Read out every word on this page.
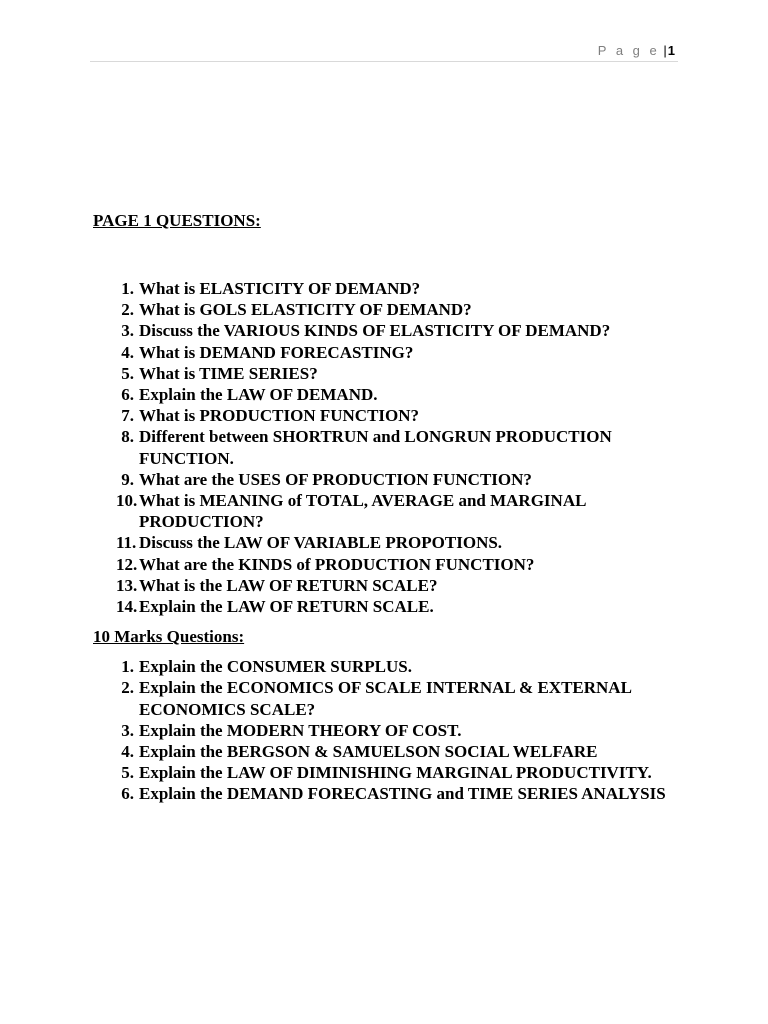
P a g e |1

PAGE 1 QUESTIONS:

1. What is ELASTICITY OF DEMAND?
2. What is GOLS ELASTICITY OF DEMAND?
3. Discuss the VARIOUS KINDS OF ELASTICITY OF DEMAND?
4. What is DEMAND FORECASTING?
5. What is TIME SERIES?
6. Explain the LAW OF DEMAND.
7. What is PRODUCTION FUNCTION?
8. Different between SHORTRUN and LONGRUN PRODUCTION FUNCTION.
9. What are the USES OF PRODUCTION FUNCTION?
10. What is MEANING of TOTAL, AVERAGE and MARGINAL PRODUCTION?
11. Discuss the LAW OF VARIABLE PROPOTIONS.
12. What are the KINDS of PRODUCTION FUNCTION?
13. What is the LAW OF RETURN SCALE?
14. Explain the LAW OF RETURN SCALE.

10 Marks Questions:

1. Explain the CONSUMER SURPLUS.
2. Explain the ECONOMICS OF SCALE INTERNAL & EXTERNAL ECONOMICS SCALE?
3. Explain the MODERN THEORY OF COST.
4. Explain the BERGSON & SAMUELSON SOCIAL WELFARE
5. Explain the LAW OF DIMINISHING MARGINAL PRODUCTIVITY.
6. Explain the DEMAND FORECASTING and TIME SERIES ANALYSIS
